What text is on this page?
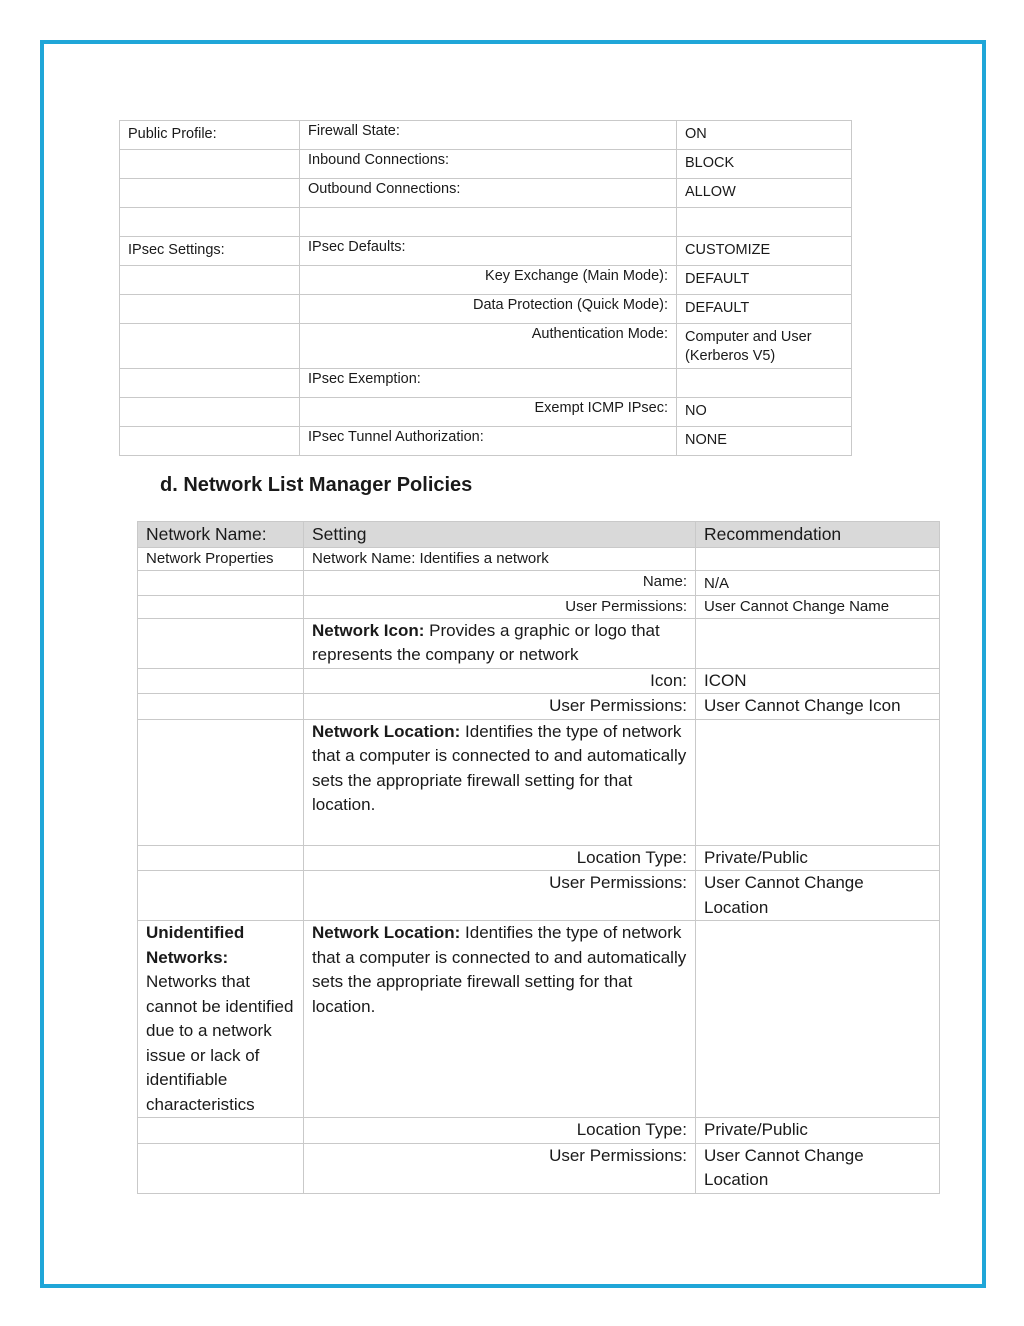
Public Profile:	Firewall State:	ON
	Inbound Connections:	BLOCK
	Outbound Connections:	ALLOW

IPsec Settings:	IPsec Defaults:	CUSTOMIZE
	Key Exchange (Main Mode):	DEFAULT
	Data Protection (Quick Mode):	DEFAULT
	Authentication Mode:	Computer and User (Kerberos V5)
	IPsec Exemption:	
	Exempt ICMP IPsec:	NO
	IPsec Tunnel Authorization:	NONE
d. Network List Manager Policies
Network Name:	Setting	Recommendation
Network Properties	Network Name: Identifies a network	
	Name:	N/A
	User Permissions:	User Cannot Change Name
	Network Icon: Provides a graphic or logo that represents the company or network	
	Icon:	ICON
	User Permissions:	User Cannot Change Icon
	Network Location: Identifies the type of network that a computer is connected to and automatically sets the appropriate firewall setting for that location.	
	Location Type:	Private/Public
	User Permissions:	User Cannot Change Location
Unidentified Networks: Networks that cannot be identified due to a network issue or lack of identifiable characteristics	Network Location: Identifies the type of network that a computer is connected to and automatically sets the appropriate firewall setting for that location.	
	Location Type:	Private/Public
	User Permissions:	User Cannot Change Location
